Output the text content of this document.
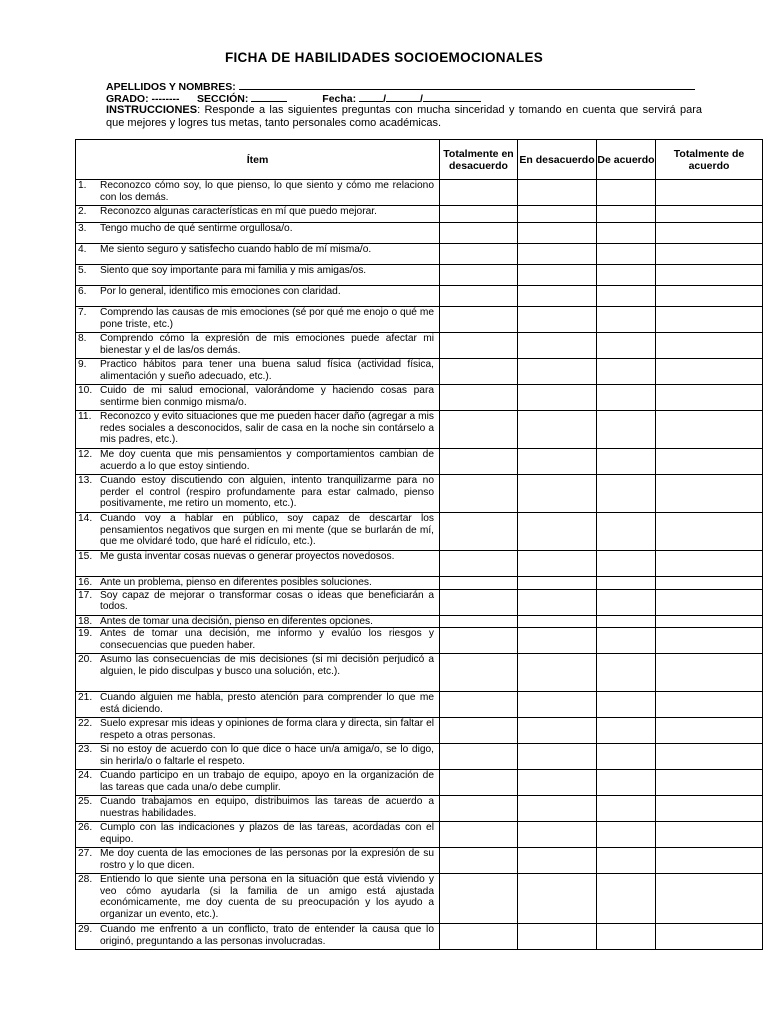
FICHA DE HABILIDADES SOCIOEMOCIONALES
APELLIDOS Y NOMBRES:
GRADO: -------- SECCIÓN:	Fecha:	/	/
INSTRUCCIONES: Responde a las siguientes preguntas con mucha sinceridad y tomando en cuenta que servirá para que mejores y logres tus metas, tanto personales como académicas.
Ítem	Totalmente en desacuerdo	En desacuerdo	De acuerdo	Totalmente de acuerdo

1. Reconozco cómo soy, lo que pienso, lo que siento y cómo me relaciono con los demás.				

2. Reconozco algunas características en mí que puedo mejorar.				

3. Tengo mucho de qué sentirme orgullosa/o.				

4. Me siento seguro y satisfecho cuando hablo de mí misma/o.				

5. Siento que soy importante para mi familia y mis amigas/os.				

6. Por lo general, identifico mis emociones con claridad.				

7. Comprendo las causas de mis emociones (sé por qué me enojo o qué me pone triste, etc.)				

8. Comprendo cómo la expresión de mis emociones puede afectar mi bienestar y el de las/os demás.				

9. Practico hábitos para tener una buena salud física (actividad física, alimentación y sueño adecuado, etc.).				

10. Cuido de mi salud emocional, valorándome y haciendo cosas para sentirme bien conmigo misma/o.				

11. Reconozco y evito situaciones que me pueden hacer daño (agregar a mis redes sociales a desconocidos, salir de casa en la noche sin contárselo a mis padres, etc.).				

12. Me doy cuenta que mis pensamientos y comportamientos cambian de acuerdo a lo que estoy sintiendo.				

13. Cuando estoy discutiendo con alguien, intento tranquilizarme para no perder el control (respiro profundamente para estar calmado, pienso positivamente, me retiro un momento, etc.).				

14. Cuando voy a hablar en público, soy capaz de descartar los pensamientos negativos que surgen en mi mente (que se burlarán de mí, que me olvidaré todo, que haré el ridículo, etc.).				

15. Me gusta inventar cosas nuevas o generar proyectos novedosos.				

16. Ante un problema, pienso en diferentes posibles soluciones.				

17. Soy capaz de mejorar o transformar cosas o ideas que beneficiarán a todos.				

18. Antes de tomar una decisión, pienso en diferentes opciones.				

19. Antes de tomar una decisión, me informo y evalúo los riesgos y consecuencias que pueden haber.				

20. Asumo las consecuencias de mis decisiones (si mi decisión perjudicó a alguien, le pido disculpas y busco una solución, etc.).				

21. Cuando alguien me habla, presto atención para comprender lo que me está diciendo.				

22. Suelo expresar mis ideas y opiniones de forma clara y directa, sin faltar el respeto a otras personas.				

23. Si no estoy de acuerdo con lo que dice o hace un/a amiga/o, se lo digo, sin herirla/o o faltarle el respeto.				

24. Cuando participo en un trabajo de equipo, apoyo en la organización de las tareas que cada una/o debe cumplir.				

25. Cuando trabajamos en equipo, distribuimos las tareas de acuerdo a nuestras habilidades.				

26. Cumplo con las indicaciones y plazos de las tareas, acordadas con el equipo.				

27. Me doy cuenta de las emociones de las personas por la expresión de su rostro y lo que dicen.				

28. Entiendo lo que siente una persona en la situación que está viviendo y veo cómo ayudarla (si la familia de un amigo está ajustada económicamente, me doy cuenta de su preocupación y los ayudo a organizar un evento, etc.).				

29. Cuando me enfrento a un conflicto, trato de entender la causa que lo originó, preguntando a las personas involucradas.				
